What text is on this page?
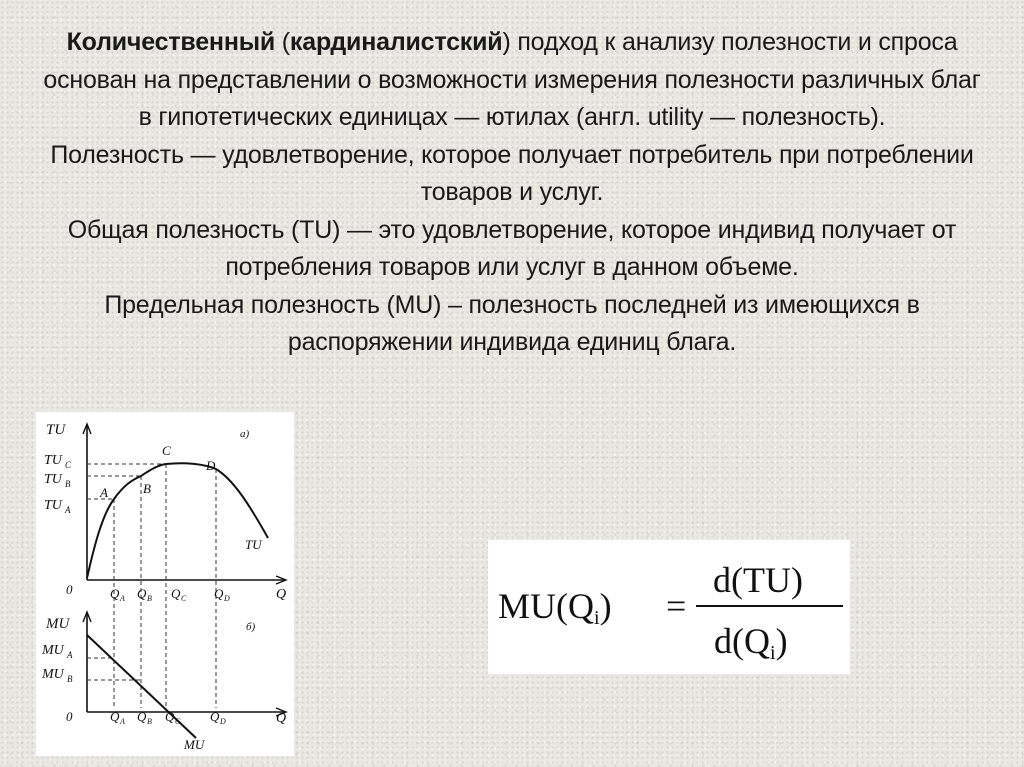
Количественный (кардиналистский) подход к анализу полезности и спроса основан на представлении о возможности измерения полезности различных благ в гипотетических единицах — ютилах (англ. utility — полезность).

Полезность — удовлетворение, которое получает потребитель при потреблении товаров и услуг.

Общая полезность (TU) — это удовлетворение, которое индивид получает от потребления товаров или услуг в данном объеме.

Предельная полезность (MU) – полезность последней из имеющихся в распоряжении индивида единиц блага.

TU	а)
TU C
TU B
TU A
0	Q
Q A Q B Q C Q D
A	B
C
D
TU
MU	б)
MU A
MU B
0	Q
Q A Q B Q C Q D
MU
MU(Qi) =
d(TU)
d(Qi)
